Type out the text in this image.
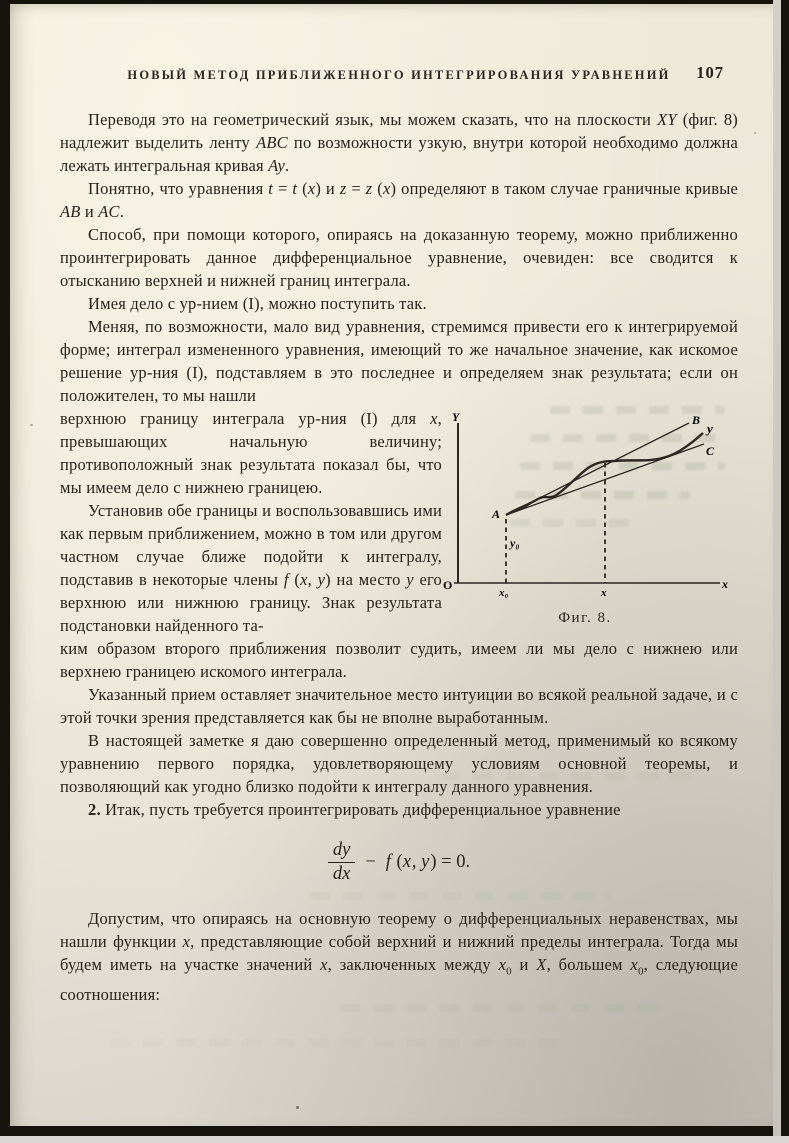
НОВЫЙ МЕТОД ПРИБЛИЖЕННОГО ИНТЕГРИРОВАНИЯ УРАВНЕНИЙ 107

Переводя это на геометрический язык, мы можем сказать, что на плоскости XY (фиг. 8) надлежит выделить ленту ABC по возможности узкую, внутри которой необходимо должна лежать интегральная кривая Ay.

Понятно, что уравнения t = t (x) и z = z (x) определяют в таком случае граничные кривые AB и AC.

Способ, при помощи которого, опираясь на доказанную теорему, можно приближенно проинтегрировать данное дифференциальное уравнение, очевиден: все сводится к отысканию верхней и нижней границ интеграла.

Имея дело с ур-нием (I), можно поступить так.

Меняя, по возможности, мало вид уравнения, стремимся привести его к интегрируемой форме; интеграл измененного уравнения, имеющий то же начальное значение, как искомое решение ур-ния (I), подставляем в это последнее и определяем знак результата; если он положителен, то мы нашли

верхнюю границу интеграла ур-ния (I) для x, превышающих начальную величину; противоположный знак результата показал бы, что мы имеем дело с нижнею границею.

Установив обе границы и воспользовавшись ими как первым приближением, можно в том или другом частном случае ближе подойти к интегралу, подставив в некоторые члены f (x, y) на место y его верхнюю или нижнюю границу. Знак результата подстановки найденного та-

Y
x
O
A
B
C
y
x₀	x
y₀
Фиг. 8.

ким образом второго приближения позволит судить, имеем ли мы дело с нижнею или верхнею границею искомого интеграла.

Указанный прием оставляет значительное место интуиции во всякой реальной задаче, и с этой точки зрения представляется как бы не вполне выработанным.

В настоящей заметке я даю совершенно определенный метод, применимый ко всякому уравнению первого порядка, удовлетворяющему условиям основной теоремы, и позволяющий как угодно близко подойти к интегралу данного уравнения.

2. Итак, пусть требуется проинтегрировать дифференциальное уравнение

$\frac{dy}{dx} - f$ (x, y) = 0.

Допустим, что опираясь на основную теорему о дифференциальных неравенствах, мы нашли функции x, представляющие собой верхний и нижний пределы интеграла. Тогда мы будем иметь на участке значений x, заключенных между $x_0$ и X, большем $x_0$, следующие соотношения:
